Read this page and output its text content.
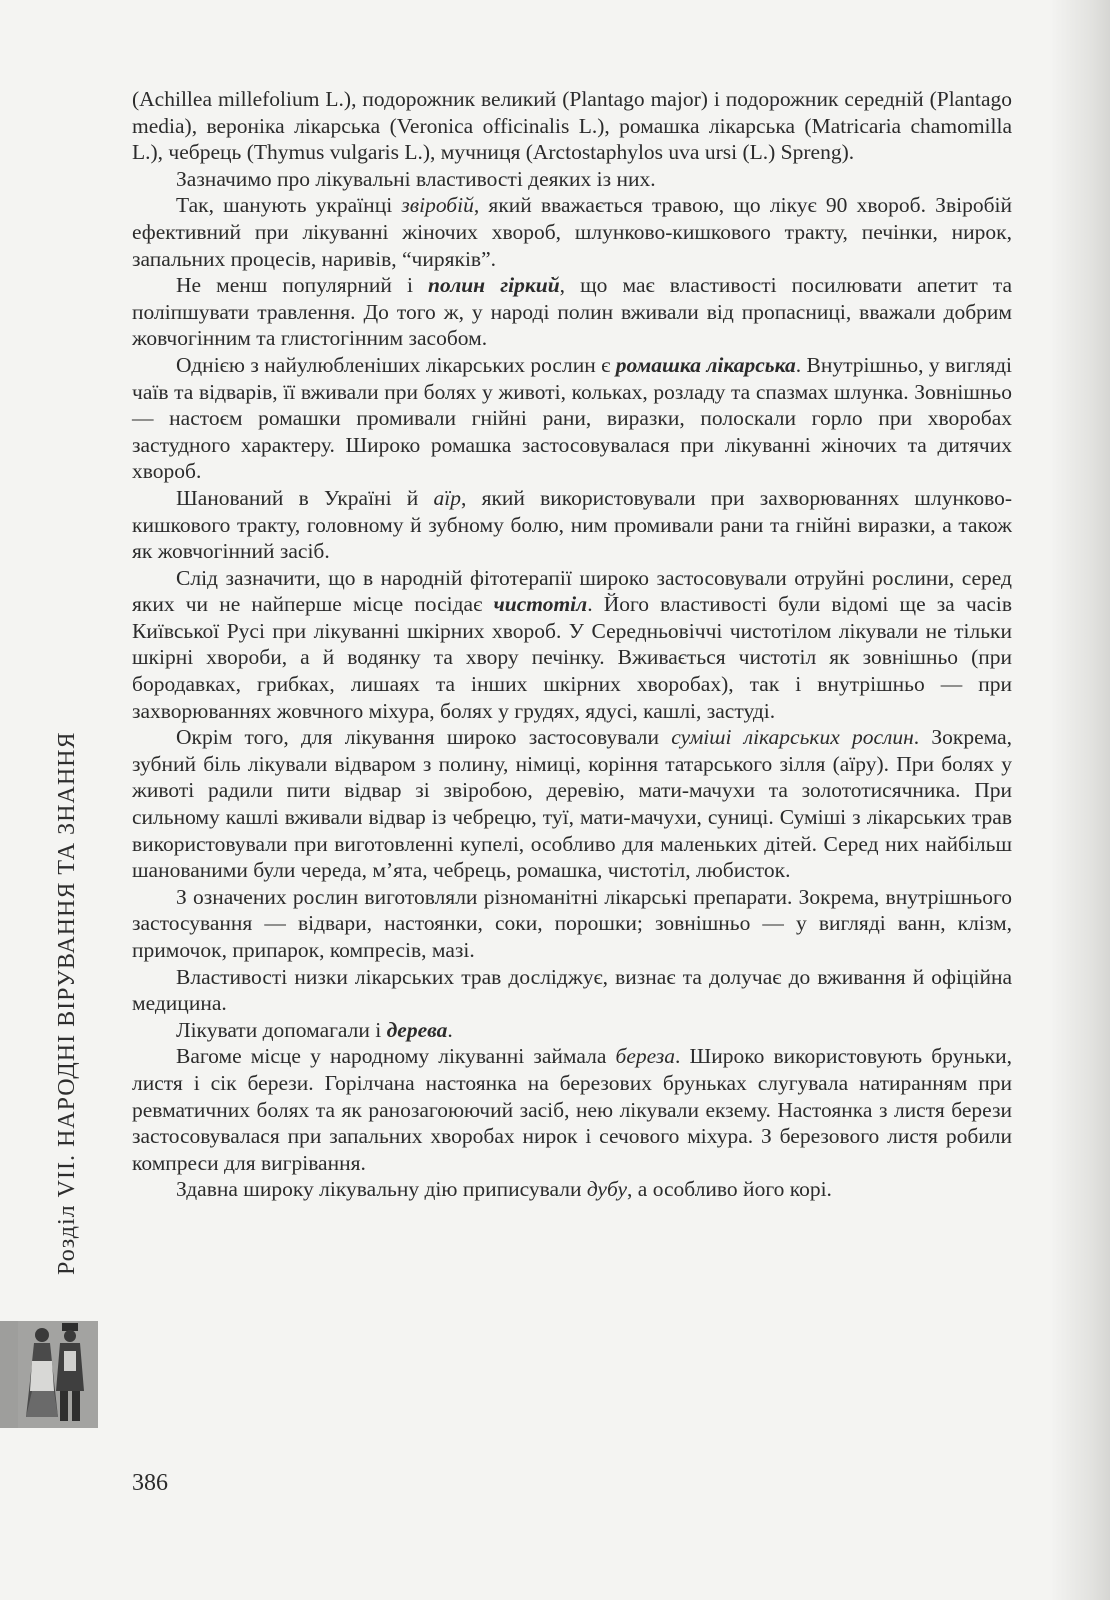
(Achillea millefolium L.), подорожник великий (Plantago major) і подорожник середній (Plantago media), вероніка лікарська (Veronica officinalis L.), ромашка лікарська (Matricaria chamomilla L.), чебрець (Thymus vulgaris L.), мучниця (Arctostaphylos uva ursi (L.) Spreng).

Зазначимо про лікувальні властивості деяких із них.

Так, шанують українці звіробій, який вважається травою, що лікує 90 хвороб. Звіробій ефективний при лікуванні жіночих хвороб, шлунково-кишкового тракту, печінки, нирок, запальних процесів, наривів, “чиряків”.

Не менш популярний і полин гіркий, що має властивості посилювати апетит та поліпшувати травлення. До того ж, у народі полин вживали від пропасниці, вважали добрим жовчогінним та глистогінним засобом.

Однією з найулюбленіших лікарських рослин є ромашка лікарська. Внутрішньо, у вигляді чаїв та відварів, її вживали при болях у животі, кольках, розладу та спазмах шлунка. Зовнішньо — настоєм ромашки промивали гнійні рани, виразки, полоскали горло при хворобах застудного характеру. Широко ромашка застосовувалася при лікуванні жіночих та дитячих хвороб.

Шанований в Україні й аїр, який використовували при захворюваннях шлунково-кишкового тракту, головному й зубному болю, ним промивали рани та гнійні виразки, а також як жовчогінний засіб.

Слід зазначити, що в народній фітотерапії широко застосовували отруйні рослини, серед яких чи не найперше місце посідає чистотіл. Його властивості були відомі ще за часів Київської Русі при лікуванні шкірних хвороб. У Середньовіччі чистотілом лікували не тільки шкірні хвороби, а й водянку та хвору печінку. Вживається чистотіл як зовнішньо (при бородавках, грибках, лишаях та інших шкірних хворобах), так і внутрішньо — при захворюваннях жовчного міхура, болях у грудях, ядусі, кашлі, застуді.

Окрім того, для лікування широко застосовували суміші лікарських рослин. Зокрема, зубний біль лікували відваром з полину, німиці, коріння татарського зілля (аїру). При болях у животі радили пити відвар зі звіробою, деревію, мати-мачухи та золототисячника. При сильному кашлі вживали відвар із чебрецю, туї, мати-мачухи, суниці. Суміші з лікарських трав використовували при виготовленні купелі, особливо для маленьких дітей. Серед них найбільш шанованими були череда, м’ята, чебрець, ромашка, чистотіл, любисток.

З означених рослин виготовляли різноманітні лікарські препарати. Зокрема, внутрішнього застосування — відвари, настоянки, соки, порошки; зовнішньо — у вигляді ванн, клізм, примочок, припарок, компресів, мазі.

Властивості низки лікарських трав досліджує, визнає та долучає до вживання й офіційна медицина.

Лікувати допомагали і дерева.

Вагоме місце у народному лікуванні займала береза. Широко використовують бруньки, листя і сік берези. Горілчана настоянка на березових бруньках слугувала натиранням при ревматичних болях та як ранозагоюючий засіб, нею лікували екзему. Настоянка з листя берези застосовувалася при запальних хворобах нирок і сечового міхура. З березового листя робили компреси для вигрівання.

Здавна широку лікувальну дію приписували дубу, а особливо його корі.

Розділ VII. НАРОДНІ ВІРУВАННЯ ТА ЗНАННЯ
386
